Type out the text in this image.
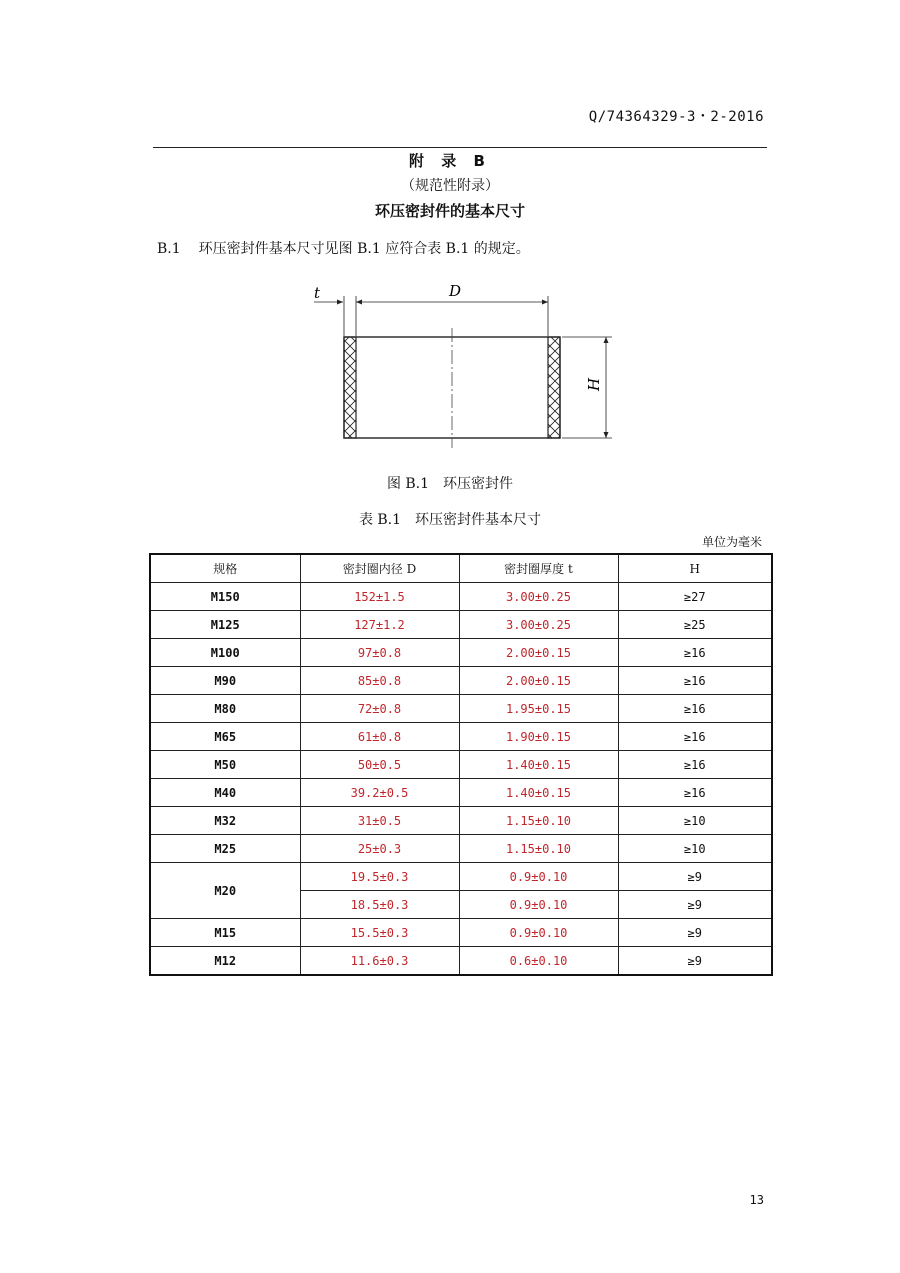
Q/74364329-3・2-2016
附 录 B
（规范性附录）
环压密封件的基本尺寸
B.1 环压密封件基本尺寸见图 B.1 应符合表 B.1 的规定。
t	D
H
图 B.1　环压密封件
表 B.1　环压密封件基本尺寸
单位为毫米
规格	密封圈内径 D	密封圈厚度 t	H
M150	152±1.5	3.00±0.25	≥27
M125	127±1.2	3.00±0.25	≥25
M100	97±0.8	2.00±0.15	≥16
M90	85±0.8	2.00±0.15	≥16
M80	72±0.8	1.95±0.15	≥16
M65	61±0.8	1.90±0.15	≥16
M50	50±0.5	1.40±0.15	≥16
M40	39.2±0.5	1.40±0.15	≥16
M32	31±0.5	1.15±0.10	≥10
M25	25±0.3	1.15±0.10	≥10
M20	19.5±0.3	0.9±0.10	≥9
	18.5±0.3	0.9±0.10	≥9
M15	15.5±0.3	0.9±0.10	≥9
M12	11.6±0.3	0.6±0.10	≥9
13
